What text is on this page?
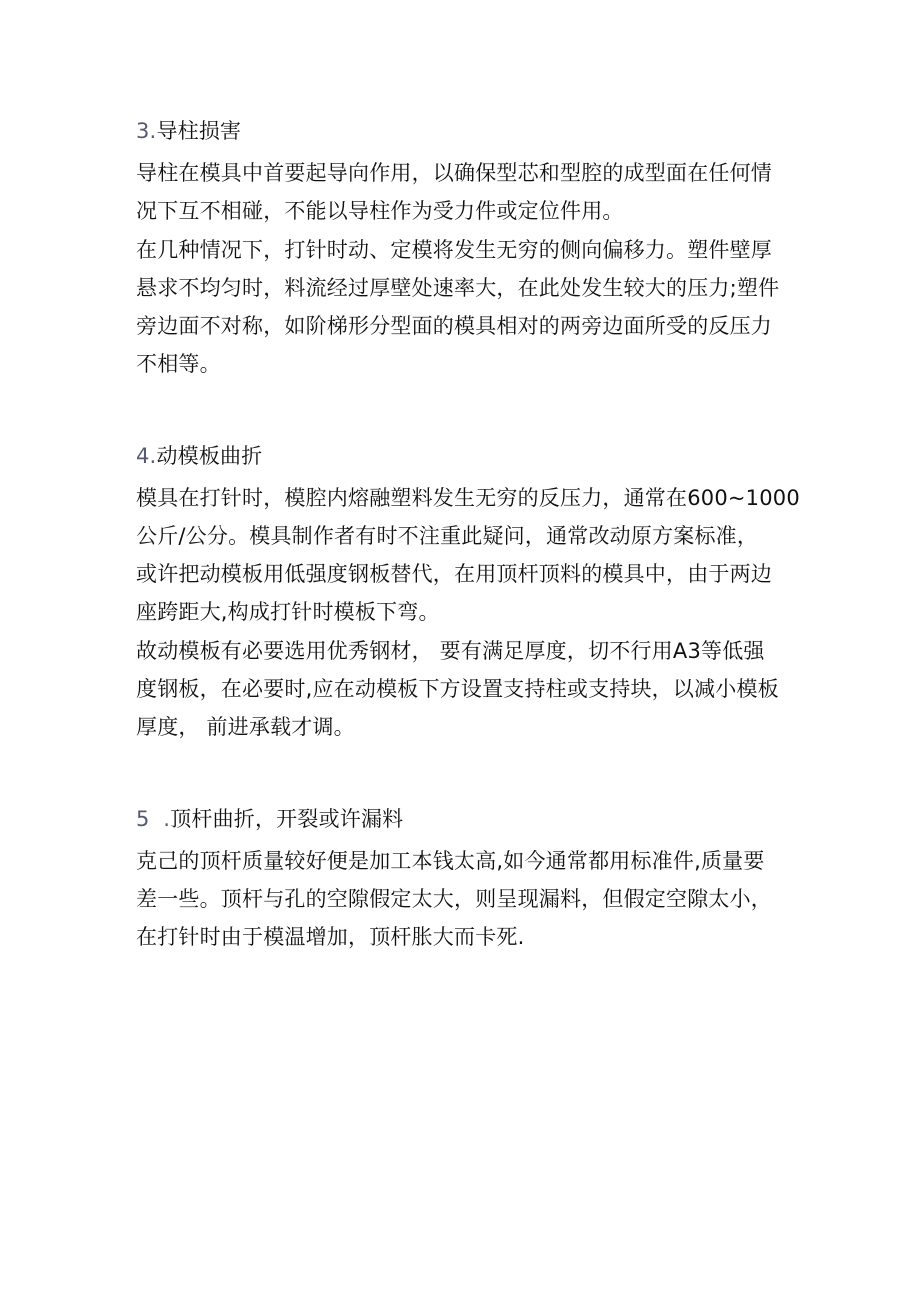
3.导柱损害
导柱在模具中首要起导向作用，以确保型芯和型腔的成型面在任何情
况下互不相碰，不能以导柱作为受力件或定位件用。
在几种情况下，打针时动、定模将发生无穷的侧向偏移力。塑件壁厚
悬求不均匀时，料流经过厚壁处速率大，在此处发生较大的压力;塑件
旁边面不对称，如阶梯形分型面的模具相对的两旁边面所受的反压力
不相等。
4.动模板曲折
模具在打针时，模腔内熔融塑料发生无穷的反压力，通常在600~1000
公斤/公分。模具制作者有时不注重此疑问，通常改动原方案标准，
或许把动模板用低强度钢板替代，在用顶杆顶料的模具中，由于两边
座跨距大,构成打针时模板下弯。
故动模板有必要选用优秀钢材， 要有满足厚度，切不行用A3等低强
度钢板，在必要时,应在动模板下方设置支持柱或支持块，以减小模板
厚度， 前进承载才调。
5  .顶杆曲折，开裂或许漏料
克己的顶杆质量较好便是加工本钱太高,如今通常都用标准件,质量要
差一些。顶杆与孔的空隙假定太大，则呈现漏料，但假定空隙太小，
在打针时由于模温增加，顶杆胀大而卡死.
